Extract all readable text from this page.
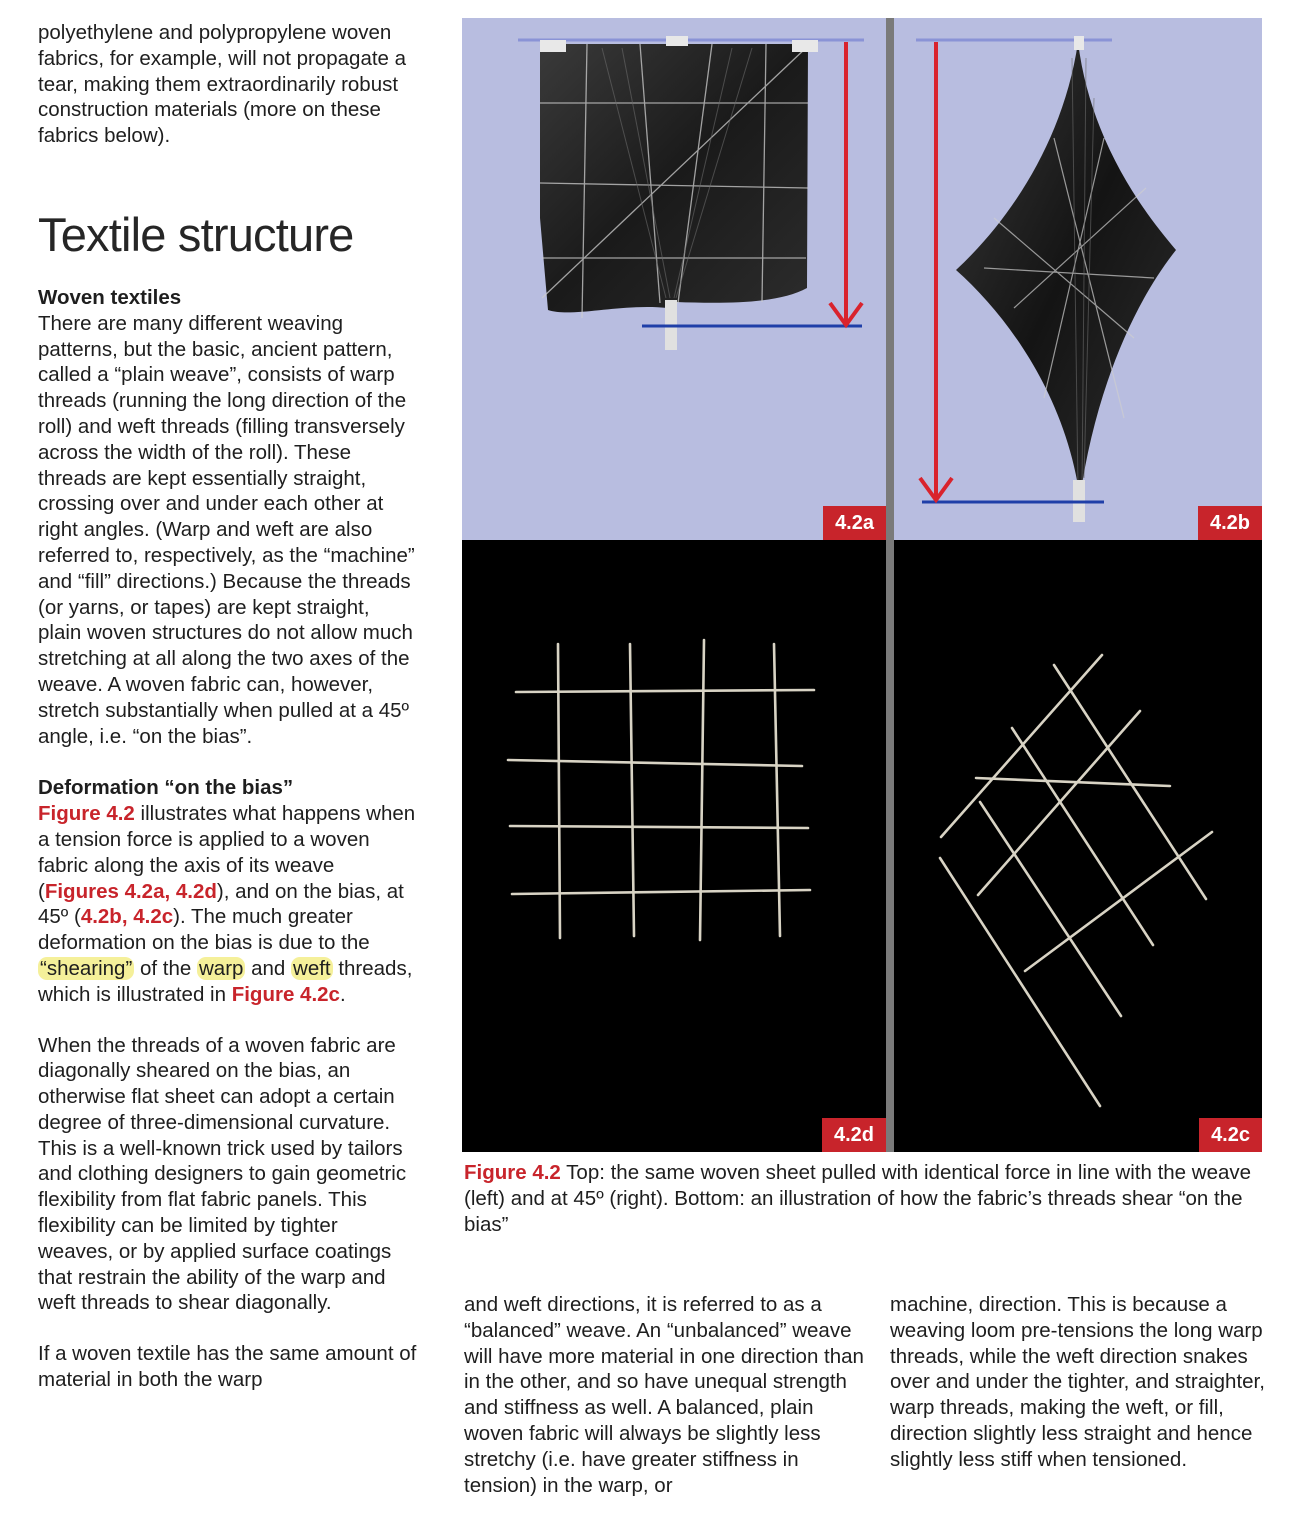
polyethylene and polypropylene woven fabrics, for example, will not propagate a tear, making them extraordinarily robust construction materials (more on these fabrics below).

Textile structure

Woven textiles

There are many different weaving patterns, but the basic, ancient pattern, called a “plain weave”, consists of warp threads (running the long direction of the roll) and weft threads (filling transversely across the width of the roll). These threads are kept essentially straight, crossing over and under each other at right angles. (Warp and weft are also referred to, respectively, as the “machine” and “fill” directions.) Because the threads (or yarns, or tapes) are kept straight, plain woven structures do not allow much stretching at all along the two axes of the weave. A woven fabric can, however, stretch substantially when pulled at a 45º angle, i.e. “on the bias”.

Deformation “on the bias”

Figure 4.2 illustrates what happens when a tension force is applied to a woven fabric along the axis of its weave (Figures 4.2a, 4.2d), and on the bias, at 45º (4.2b, 4.2c). The much greater deformation on the bias is due to the “shearing” of the warp and weft threads, which is illustrated in Figure 4.2c.

When the threads of a woven fabric are diagonally sheared on the bias, an otherwise flat sheet can adopt a certain degree of three-dimensional curvature. This is a well-known trick used by tailors and clothing designers to gain geometric flexibility from flat fabric panels. This flexibility can be limited by tighter weaves, or by applied surface coatings that restrain the ability of the warp and weft threads to shear diagonally.

If a woven textile has the same amount of material in both the warp

4.2a	4.2b
4.2d	4.2c
Figure 4.2 Top: the same woven sheet pulled with identical force in line with the weave (left) and at 45º (right). Bottom: an illustration of how the fabric’s threads shear “on the bias”

and weft directions, it is referred to as a “balanced” weave. An “unbalanced” weave will have more material in one direction than in the other, and so have unequal strength and stiffness as well. A balanced, plain woven fabric will always be slightly less stretchy (i.e. have greater stiffness in tension) in the warp, or

machine, direction. This is because a weaving loom pre-tensions the long warp threads, while the weft direction snakes over and under the tighter, and straighter, warp threads, making the weft, or fill, direction slightly less straight and hence slightly less stiff when tensioned.
